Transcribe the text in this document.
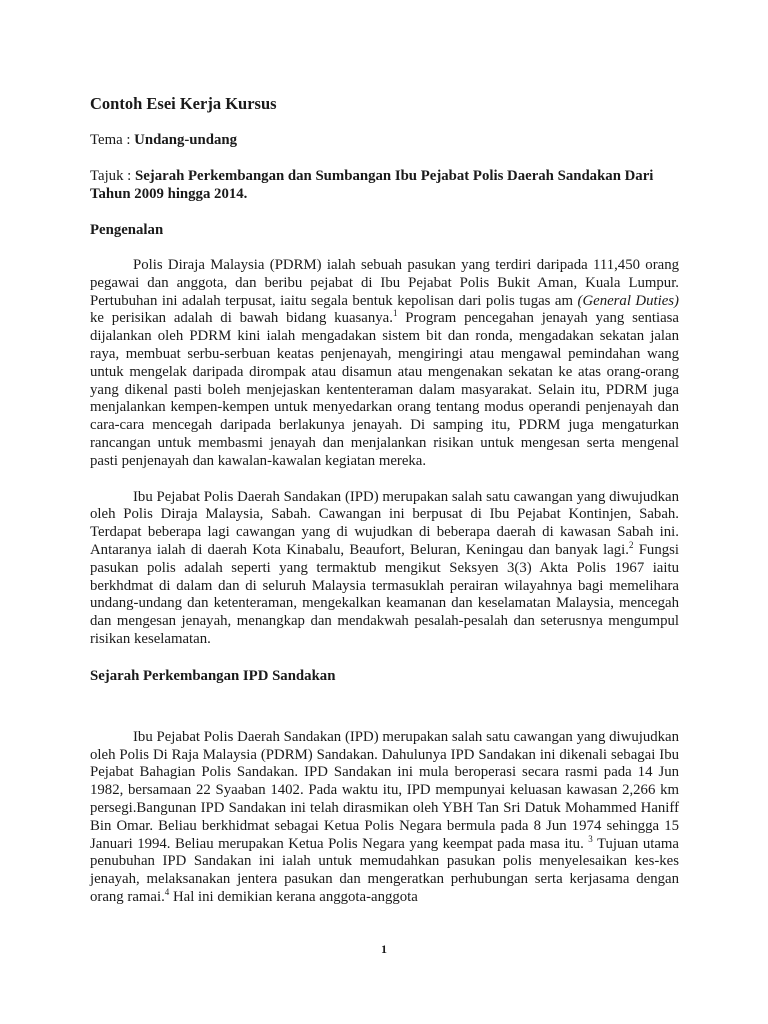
Contoh Esei Kerja Kursus
Tema : Undang-undang
Tajuk : Sejarah Perkembangan dan Sumbangan Ibu Pejabat Polis Daerah Sandakan Dari Tahun 2009 hingga 2014.
Pengenalan

Polis Diraja Malaysia (PDRM) ialah sebuah pasukan yang terdiri daripada 111,450 orang pegawai dan anggota, dan beribu pejabat di Ibu Pejabat Polis Bukit Aman, Kuala Lumpur. Pertubuhan ini adalah terpusat, iaitu segala bentuk kepolisan dari polis tugas am (General Duties) ke perisikan adalah di bawah bidang kuasanya.$^1$ Program pencegahan jenayah yang sentiasa dijalankan oleh PDRM kini ialah mengadakan sistem bit dan ronda, mengadakan sekatan jalan raya, membuat serbu-serbuan keatas penjenayah, mengiringi atau mengawal pemindahan wang untuk mengelak daripada dirompak atau disamun atau mengenakan sekatan ke atas orang-orang yang dikenal pasti boleh menjejaskan kententeraman dalam masyarakat. Selain itu, PDRM juga menjalankan kempen-kempen untuk menyedarkan orang tentang modus operandi penjenayah dan cara-cara mencegah daripada berlakunya jenayah. Di samping itu, PDRM juga mengaturkan rancangan untuk membasmi jenayah dan menjalankan risikan untuk mengesan serta mengenal pasti penjenayah dan kawalan-kawalan kegiatan mereka.

Ibu Pejabat Polis Daerah Sandakan (IPD) merupakan salah satu cawangan yang diwujudkan oleh Polis Diraja Malaysia, Sabah. Cawangan ini berpusat di Ibu Pejabat Kontinjen, Sabah. Terdapat beberapa lagi cawangan yang di wujudkan di beberapa daerah di kawasan Sabah ini. Antaranya ialah di daerah Kota Kinabalu, Beaufort, Beluran, Keningau dan banyak lagi.$^2$ Fungsi pasukan polis adalah seperti yang termaktub mengikut Seksyen 3(3) Akta Polis 1967 iaitu berkhdmat di dalam dan di seluruh Malaysia termasuklah perairan wilayahnya bagi memelihara undang-undang dan ketenteraman, mengekalkan keamanan dan keselamatan Malaysia, mencegah dan mengesan jenayah, menangkap dan mendakwah pesalah-pesalah dan seterusnya mengumpul risikan keselamatan.

Sejarah Perkembangan IPD Sandakan

Ibu Pejabat Polis Daerah Sandakan (IPD) merupakan salah satu cawangan yang diwujudkan oleh Polis Di Raja Malaysia (PDRM) Sandakan. Dahulunya IPD Sandakan ini dikenali sebagai Ibu Pejabat Bahagian Polis Sandakan. IPD Sandakan ini mula beroperasi secara rasmi pada 14 Jun 1982, bersamaan 22 Syaaban 1402. Pada waktu itu, IPD mempunyai keluasan kawasan 2,266 km persegi.Bangunan IPD Sandakan ini telah dirasmikan oleh YBH Tan Sri Datuk Mohammed Haniff Bin Omar. Beliau berkhidmat sebagai Ketua Polis Negara bermula pada 8 Jun 1974 sehingga 15 Januari 1994. Beliau merupakan Ketua Polis Negara yang keempat pada masa itu. $^3$ Tujuan utama penubuhan IPD Sandakan ini ialah untuk memudahkan pasukan polis menyelesaikan kes-kes jenayah, melaksanakan jentera pasukan dan mengeratkan perhubungan serta kerjasama dengan orang ramai.$^4$ Hal ini demikian kerana anggota-anggota

1
